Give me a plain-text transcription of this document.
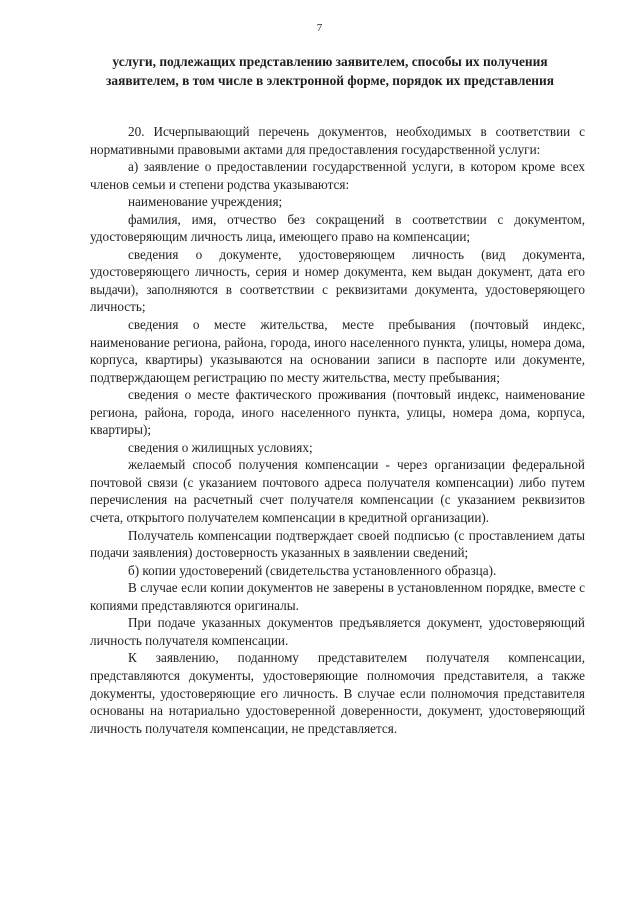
7
услуги, подлежащих представлению заявителем, способы их получения заявителем, в том числе в электронной форме, порядок их представления

20. Исчерпывающий перечень документов, необходимых в соответствии с нормативными правовыми актами для предоставления государственной услуги:

а) заявление о предоставлении государственной услуги, в котором кроме всех членов семьи и степени родства указываются:

наименование учреждения;

фамилия, имя, отчество без сокращений в соответствии с документом, удостоверяющим личность лица, имеющего право на компенсации;

сведения о документе, удостоверяющем личность (вид документа, удостоверяющего личность, серия и номер документа, кем выдан документ, дата его выдачи), заполняются в соответствии с реквизитами документа, удостоверяющего личность;

сведения о месте жительства, месте пребывания (почтовый индекс, наименование региона, района, города, иного населенного пункта, улицы, номера дома, корпуса, квартиры) указываются на основании записи в паспорте или документе, подтверждающем регистрацию по месту жительства, месту пребывания;

сведения о месте фактического проживания (почтовый индекс, наименование региона, района, города, иного населенного пункта, улицы, номера дома, корпуса, квартиры);

сведения о жилищных условиях;

желаемый способ получения компенсации - через организации федеральной почтовой связи (с указанием почтового адреса получателя компенсации) либо путем перечисления на расчетный счет получателя компенсации (с указанием реквизитов счета, открытого получателем компенсации в кредитной организации).

Получатель компенсации подтверждает своей подписью (с проставлением даты подачи заявления) достоверность указанных в заявлении сведений;

б) копии удостоверений (свидетельства установленного образца).

В случае если копии документов не заверены в установленном порядке, вместе с копиями представляются оригиналы.

При подаче указанных документов предъявляется документ, удостоверяющий личность получателя компенсации.

К заявлению, поданному представителем получателя компенсации, представляются документы, удостоверяющие полномочия представителя, а также документы, удостоверяющие его личность. В случае если полномочия представителя основаны на нотариально удостоверенной доверенности, документ, удостоверяющий личность получателя компенсации, не представляется.
